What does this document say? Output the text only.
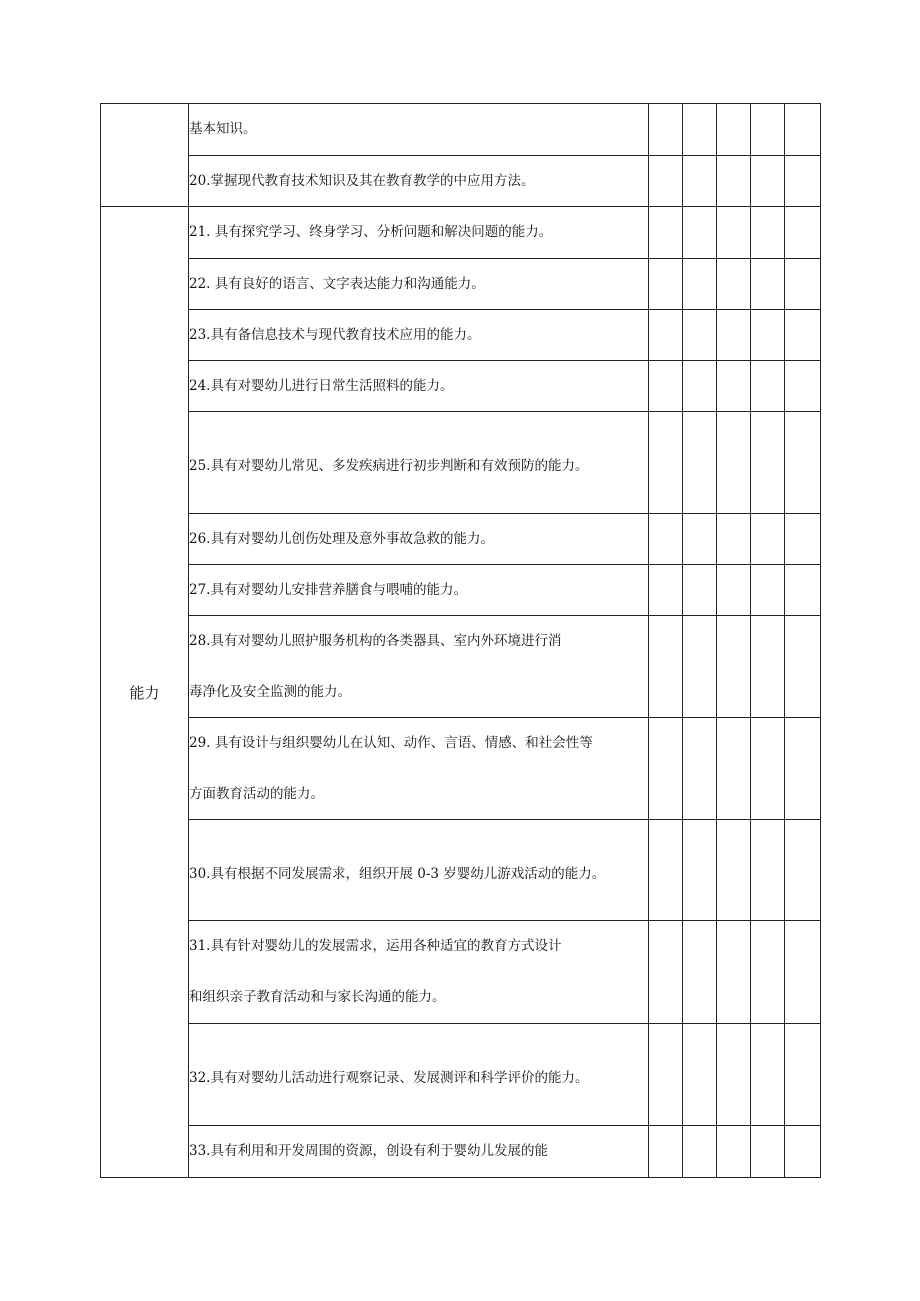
	基本知识。					

	20.掌握现代教育技术知识及其在教育教学的中应用方法。					

能力	21. 具有探究学习、终身学习、分析问题和解决问题的能力。					

	22. 具有良好的语言、文字表达能力和沟通能力。					

	23.具有备信息技术与现代教育技术应用的能力。					

	24.具有对婴幼儿进行日常生活照料的能力。					

	25.具有对婴幼儿常见、多发疾病进行初步判断和有效预防的能力。					

	26.具有对婴幼儿创伤处理及意外事故急救的能力。					

	27.具有对婴幼儿安排营养膳食与喂哺的能力。					

	28.具有对婴幼儿照护服务机构的各类器具、室内外环境进行消
毒净化及安全监测的能力。					

	29. 具有设计与组织婴幼儿在认知、动作、言语、情感、和社会性等
方面教育活动的能力。					

	30.具有根据不同发展需求，组织开展 0-3 岁婴幼儿游戏活动的能力。					

	31.具有针对婴幼儿的发展需求，运用各种适宜的教育方式设计
和组织亲子教育活动和与家长沟通的能力。					

	32.具有对婴幼儿活动进行观察记录、发展测评和科学评价的能力。					

	33.具有利用和开发周围的资源，创设有利于婴幼儿发展的能					
